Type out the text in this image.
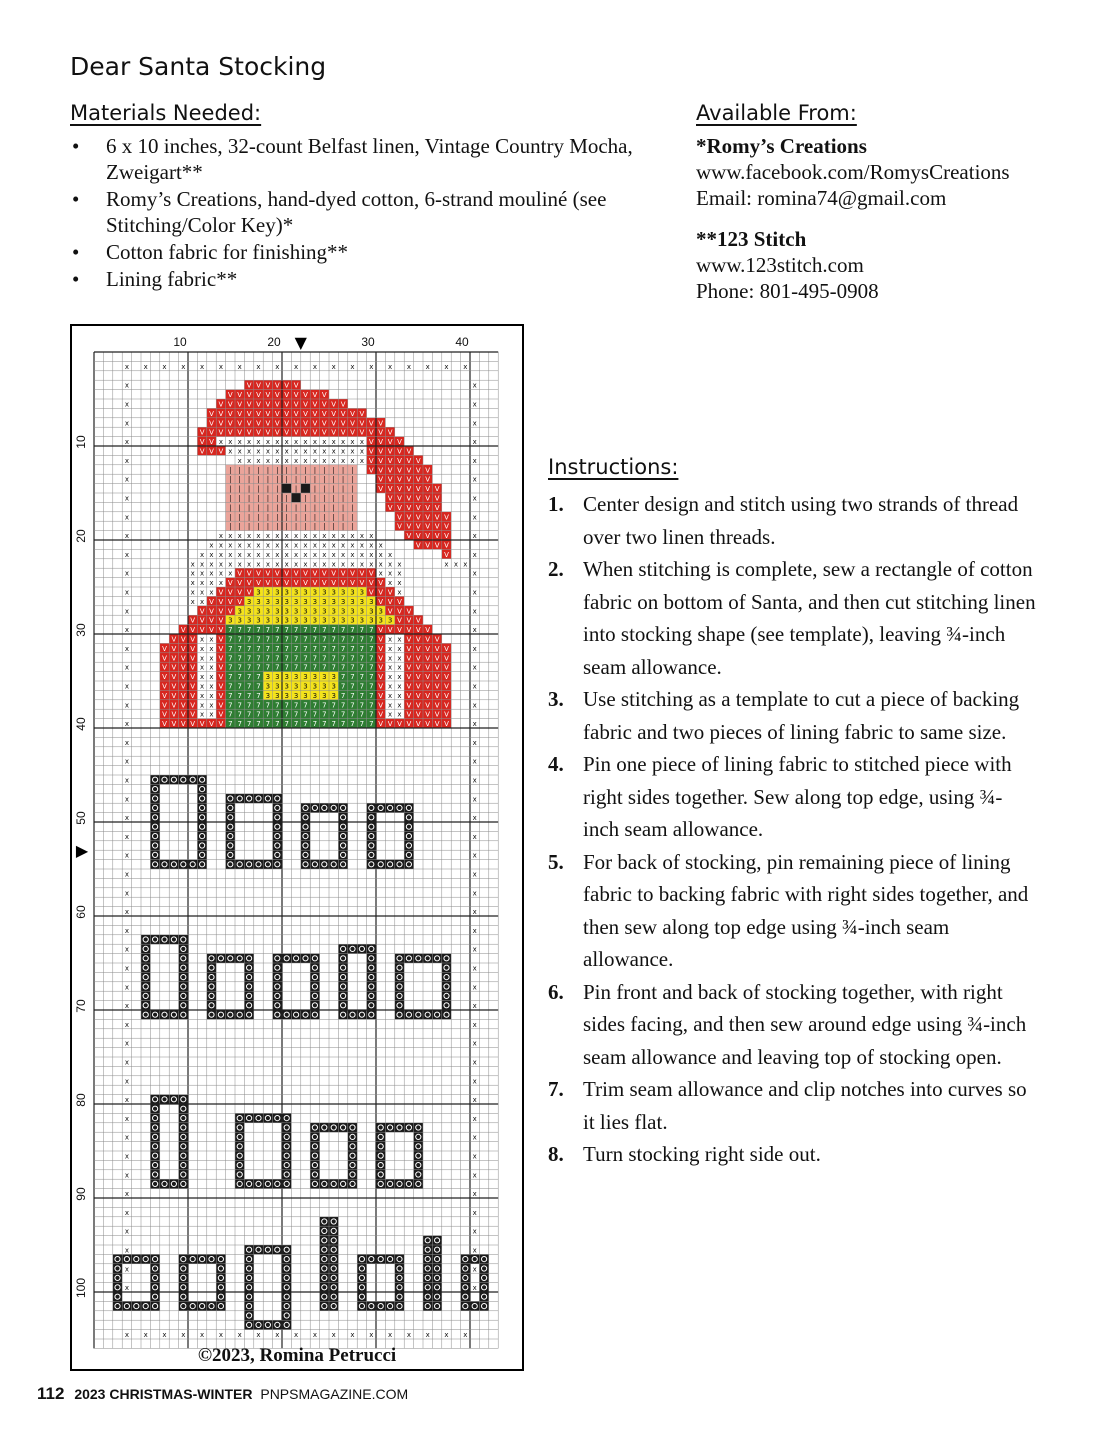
Dear Santa Stocking
Materials Needed:
• 6 x 10 inches, 32-count Belfast linen, Vintage Country Mocha, Zweigart**
• Romy’s Creations, hand-dyed cotton, 6-strand mouliné (see Stitching/Color Key)*
• Cotton fabric for finishing**
• Lining fabric**
Available From:
*Romy’s Creations
www.facebook.com/RomysCreations
Email: romina74@gmail.com
**123 Stitch
www.123stitch.com
Phone: 801-495-0908
x
x
x
x
x
x
x
x
x
x
x
x
x
x
x
x
x
x
x
x
x
x
x
x
x
x
x
x
x
x
x
x
x
x
x
x
x
x
x	x
x	x
x	x
x	x
x	x
x	x
x	x
x	x
x	x
x	x
x	x
x	x
x	x
x	x
x	x
x	x
x	x
x	x
x	x
x	x
x	x
x	x
x	x
x	x
x	x
x	x
x	x
x	x
x	x
x	x
x	x
x	x
x	x
x	x
x	x
x	x
x	x
x	x
x	x
x	x
x	x
x	x
x	x
x	x
x	x
x	x
x	x
x	x
x	x
V V V V V V
V V V V V V V V V V V
V V V V V V V V V V V V V V
V V V V V V V V V V V V V V V V V
V V V V V V V V V V V V V V V V V V V
V V V V V V V V V V V V V V V V V V V V V
V V x x x x x x x x x x x x x x x x V V V V
V V V x x x x x x x x x x x x x x x V V V V V
x V V V V V V
V V V V V V V
V V V V V V
V V V V V V V
V V V V V V
V V V V V V
V V V V V V
V V V V V V
V V V V V
V V V V
x x x x x x x x x x x x x
| | | | | | | | | | | | | |
| | | | | | | | | | | | | |
| | | | | | | | | | | |
| | | | | | | | | | | | |
| | | | | | | | | | | | | |
| | | | | | | | | | | | | |
| | | | | | | | | | | | | |
x x x x x x x x x x x x x x
x x x x x x x x x x x x x x
x	x x
x x	x x x
x x x x x x x x x x x x x x x x x x x x x
x x x x x x x x x x x x x x x x x x x x x x x
x x x x x V V V V V V V V V V V V V V V x x x
x x x x V V V V V V V V V V V V V V V V V x x
x x x V V V V 3 3 3 3 3 3 3 3 3 3 3 3 V V V x
x x V V V V 3 3 3 3 3 3 3 3 3 3 3 3 3 3 V V V
V
x x x
V V V V 3 3 3 3 3 3 3 3 3 3 3 3 3 3 3 3 V V V
V V V V 3 3 3 3 3 3 3 3 3 3 3 3 3 3 3 3 3 3 V V V
V V V V V 7 7 7 7 7 7 7 7 7 7 7 7 7 7 7 7 V V V V V V
V V V x x V 7 7 7 7 7 7 7 7 7 7 7 7 7 7 7 7 V x x V V V V
V V V V x x V 7 7 7 7 7 7 7 7 7 7 7 7 7 7 7 7 V x x V V V V V
V V V V x x V 7 7 7 7 7 7 7 7 7 7 7 7 7 7 7 7 V x x V V V V V
V V V V x x V 7 7 7 7 7 7 7 7 7 7 7 7 7 7 7 7 V x x V V V V V
V V V V x x V 7 7 7 7 3 3 3 3 3 3 3 3 7 7 7 7 V x x V V V V V
V V V V x x V 7 7 7 7 3 3 3 3 3 3 3 3 7 7 7 7 V x x V V V V V
V V V V x x V 7 7 7 7 3 3 3 3 3 3 3 3 7 7 7 7 V x x V V V V V
V V V V x x V 7 7 7 7 7 7 7 7 7 7 7 7 7 7 7 7 V x x V V V V V
V V V V x x V 7 7 7 7 7 7 7 7 7 7 7 7 7 7 7 7 V x x V V V V V
V V V V V V V 7 7 7 7 7 7 7 7 7 7 7 7 7 7 7 7 V V V V V V V V
10	20	30	40
10
20
30
40
50
60
70
80
90
100
▼
▶
©2023, Romina Petrucci
Instructions:
1. Center design and stitch using two strands of thread over two linen threads.
2. When stitching is complete, sew a rectangle of cotton fabric on bottom of Santa, and then cut stitching linen into stocking shape (see template), leaving ¾-inch seam allowance.
3. Use stitching as a template to cut a piece of backing fabric and two pieces of lining fabric to same size.
4. Pin one piece of lining fabric to stitched piece with right sides together. Sew along top edge, using ¾-inch seam allowance.
5. For back of stocking, pin remaining piece of lining fabric to backing fabric with right sides together, and then sew along top edge using ¾-inch seam allowance.
6. Pin front and back of stocking together, with right sides facing, and then sew around edge using ¾-inch seam allowance and leaving top of stocking open.
7. Trim seam allowance and clip notches into curves so it lies flat.
8. Turn stocking right side out.
112 2023 CHRISTMAS-WINTER PNPSMAGAZINE.COM
